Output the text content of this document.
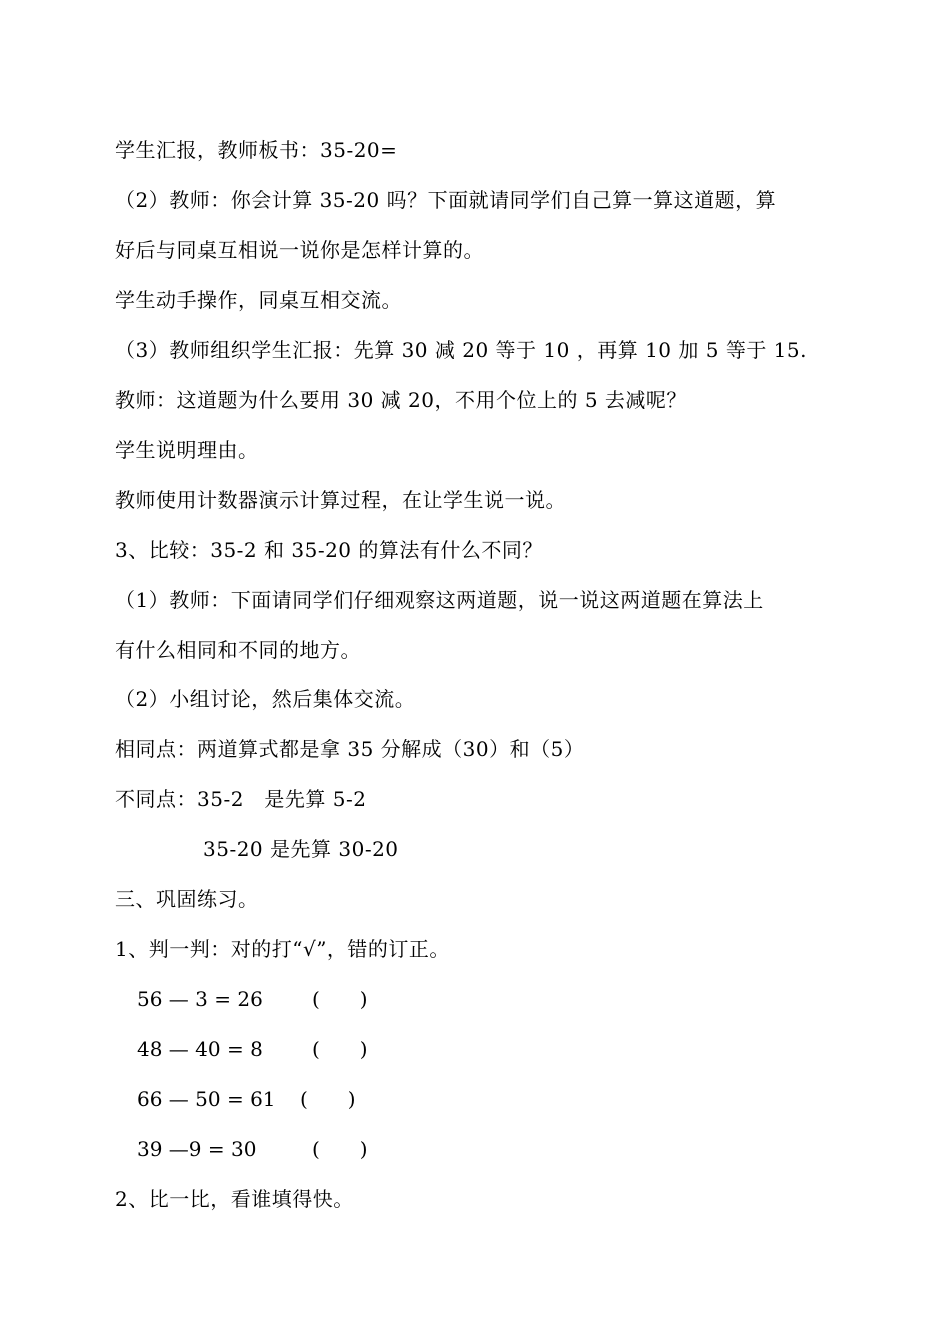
学生汇报，教师板书：35-20=
（2）教师：你会计算 35-20 吗？下面就请同学们自己算一算这道题，算
好后与同桌互相说一说你是怎样计算的。
学生动手操作，同桌互相交流。
（3）教师组织学生汇报：先算 30 减 20 等于 10 ，再算 10 加 5 等于 15.
教师：这道题为什么要用 30 减 20，不用个位上的 5 去减呢？
学生说明理由。
教师使用计数器演示计算过程，在让学生说一说。
3、比较：35-2 和 35-20 的算法有什么不同？
（1）教师：下面请同学们仔细观察这两道题，说一说这两道题在算法上
有什么相同和不同的地方。
（2）小组讨论，然后集体交流。
相同点：两道算式都是拿 35 分解成（30）和（5）
不同点：35-2　是先算 5-2
35-20 是先算 30-20
三、巩固练习。
1、判一判：对的打“√”，错的订正。
56 — 3 = 26 (　　)
48 — 40 = 8 (　　)
66 — 50 = 61 (　　)
39 —9 = 30	(　　)
2、比一比，看谁填得快。
